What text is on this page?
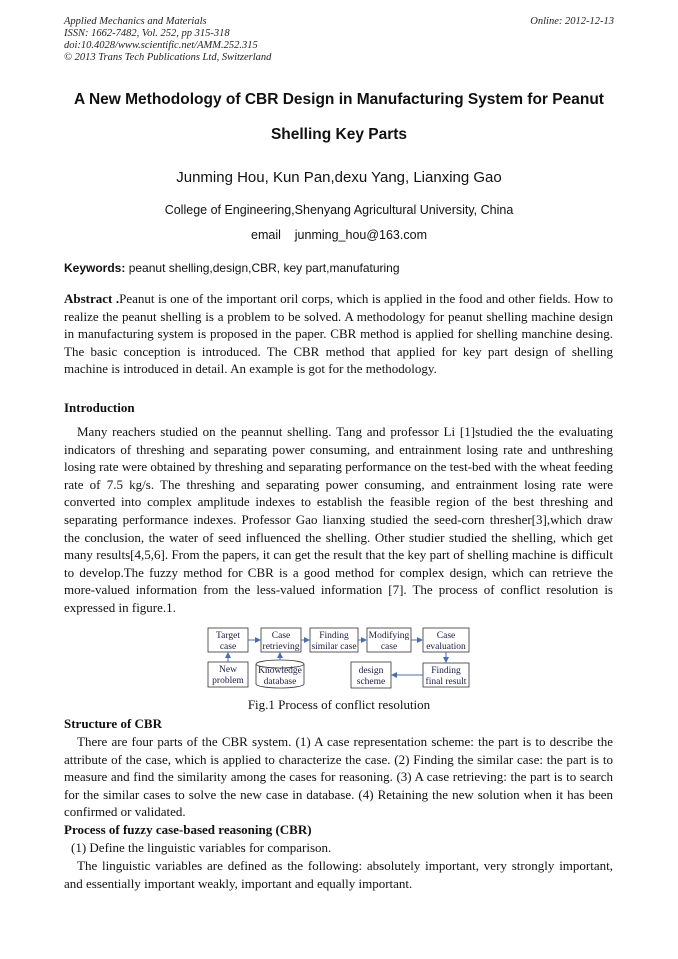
Applied Mechanics and Materials
ISSN: 1662-7482, Vol. 252, pp 315-318
doi:10.4028/www.scientific.net/AMM.252.315
© 2013 Trans Tech Publications Ltd, Switzerland
Online: 2012-12-13
A New Methodology of CBR Design in Manufacturing System for Peanut
Shelling Key Parts
Junming Hou, Kun Pan,dexu Yang, Lianxing Gao
College of Engineering,Shenyang Agricultural University, China
email    junming_hou@163.com
Keywords: peanut shelling,design,CBR, key part,manufaturing
Abstract .Peanut is one of the important oril corps, which is applied in the food and other fields. How to realize the peanut shelling is a problem to be solved. A methodology for peanut shelling machine design in manufacturing system is proposed in the paper. CBR method is applied for shelling manchine desing. The basic conception is introduced. The CBR method that applied for key part design of shelling machine is introduced in detail. An example is got for the methodology.
Introduction
Many reachers studied on the peannut shelling. Tang and professor Li [1]studied the the evaluating indicators of threshing and separating power consuming, and entrainment losing rate and unthreshing losing rate were obtained by threshing and separating performance on the test-bed with the wheat feeding rate of 7.5 kg/s. The threshing and separating power consuming, and entrainment losing rate were converted into complex amplitude indexes to establish the feasible region of the best threshing and separating performance indexes. Professor Gao lianxing studied the seed-corn thresher[3],which draw the conclusion, the water of seed influenced the shelling. Other studier studied the shelling, which get many results[4,5,6]. From the papers, it can get the result that the key part of shelling machine is difficult to develop.The fuzzy method for CBR is a good method for complex design, which can retrieve the more-valued information from the less-valued information [7]. The process of conflict resolution is expressed in figure.1.
Target
case
Case
retrieving
Finding
similar case
Modifying
case
Case
evaluation
New
problem
Knowledge
database
design
scheme
Finding
final result
Fig.1 Process of conflict resolution
Structure of CBR
There are four parts of the CBR system. (1) A case representation scheme: the part is to describe the attribute of the case, which is applied to characterize the case. (2) Finding the similar case: the part is to measure and find the similarity among the cases for reasoning. (3) A case retrieving: the part is to search for the similar cases to solve the new case in database. (4) Retaining the new solution when it has been confirmed or validated.
Process of fuzzy case-based reasoning (CBR)
(1) Define the linguistic variables for comparison.
The linguistic variables are defined as the following: absolutely important, very strongly important, and essentially important weakly, important and equally important.
